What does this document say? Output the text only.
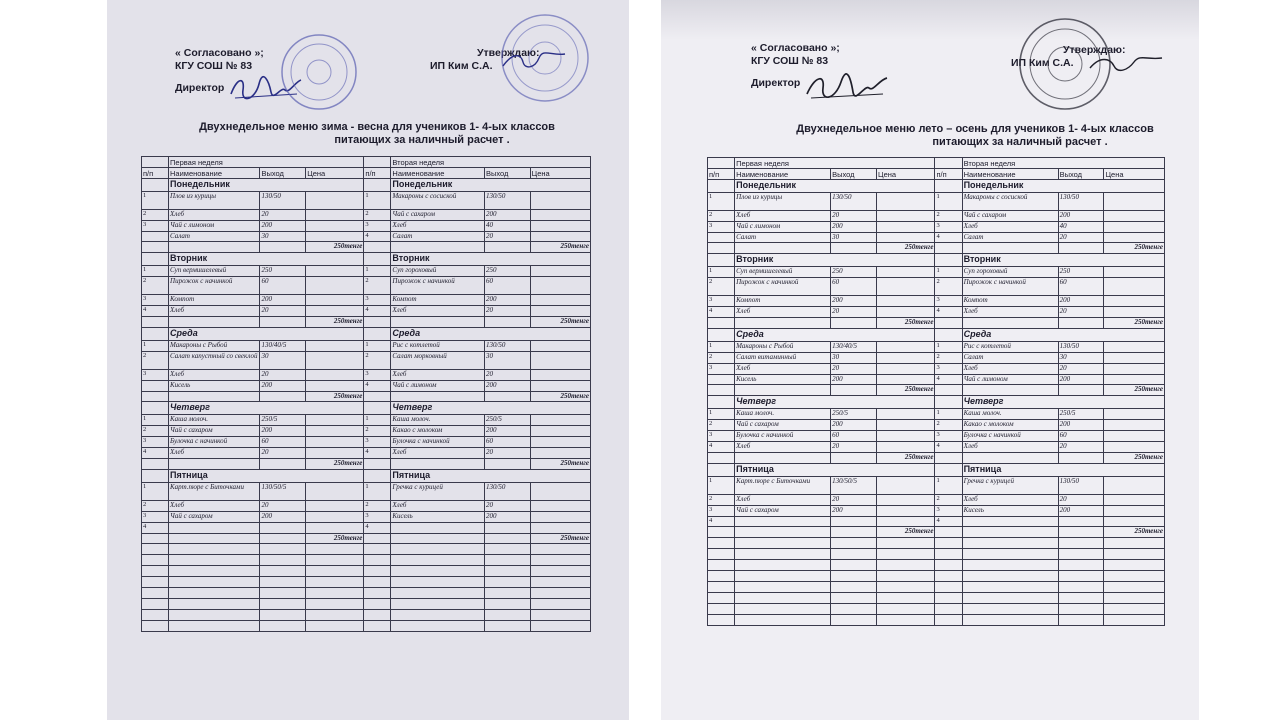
« Согласовано »;
КГУ СОШ № 83
Директор
Утверждаю:
ИП Ким С.А.
Двухнедельное меню зима - весна для учеников 1- 4-ых классов
питающих за наличный расчет .
	Первая неделя				Вторая неделя		
п/п	Наименование	Выход	Цена	п/п	Наименование	Выход	Цена
	Понедельник				Понедельник		
1	Плов из курицы	130/50		1	Макароны с сосиской	130/50	
2	Хлеб	20		2	Чай с сахаром	200	
3	Чай с лимоном	200		3	Хлеб	40	
	Салат	30		4	Салат	20	
			250тенге				250тенге
	Вторник				Вторник		
1	Суп вермишелевый	250		1	Суп гороховый	250	
2	Пирожок с начинкой	60		2	Пирожок с начинкой	60	
3	Компот	200		3	Компот	200	
4	Хлеб	20		4	Хлеб	20	
			250тенге				250тенге
	Среда				Среда		
1	Макароны с Рыбой	130/40/5		1	Рис с котлетой	130/50	
2	Салат капустный со свеклой	30		2	Салат морковный	30	
3	Хлеб	20		3	Хлеб	20	
	Кисель	200		4	Чай с лимоном	200	
			250тенге				250тенге
	Четверг				Четверг		
1	Каша молоч.	250/5		1	Каша молоч.	250/5	
2	Чай с сахаром	200		2	Какао с молоком	200	
3	Булочка с начинкой	60		3	Булочка с начинкой	60	
4	Хлеб	20		4	Хлеб	20	
			250тенге				250тенге
	Пятница				Пятница		
1	Карт.пюре с Биточками	130/50/5		1	Гречка с курицей	130/50	
2	Хлеб	20		2	Хлеб	20	
3	Чай с сахаром	200		3	Кисель	200	
4				4			
			250тенге				250тенге

« Согласовано »;
КГУ СОШ № 83
Директор
Утверждаю:
ИП Ким С.А.
Двухнедельное меню лето – осень для учеников 1- 4-ых классов
питающих за наличный расчет .
	Первая неделя				Вторая неделя		
п/п	Наименование	Выход	Цена	п/п	Наименование	Выход	Цена
	Понедельник				Понедельник		
1	Плов из курицы	130/50		1	Макароны с сосиской	130/50	
2	Хлеб	20		2	Чай с сахаром	200	
3	Чай с лимоном	200		3	Хлеб	40	
	Салат	30		4	Салат	20	
			250тенге				250тенге
	Вторник				Вторник		
1	Суп вермишелевый	250		1	Суп гороховый	250	
2	Пирожок с начинкой	60		2	Пирожок с начинкой	60	
3	Компот	200		3	Компот	200	
4	Хлеб	20		4	Хлеб	20	
			250тенге				250тенге
	Среда				Среда		
1	Макароны с Рыбой	130/40/5		1	Рис с котлетой	130/50	
2	Салат витаминный	30		2	Салат	30	
3	Хлеб	20		3	Хлеб	20	
	Кисель	200		4	Чай с лимоном	200	
			250тенге				250тенге
	Четверг				Четверг		
1	Каша молоч.	250/5		1	Каша молоч.	250/5	
2	Чай с сахаром	200		2	Какао с молоком	200	
3	Булочка с начинкой	60		3	Булочка с начинкой	60	
4	Хлеб	20		4	Хлеб	20	
			250тенге				250тенге
	Пятница				Пятница		
1	Карт.пюре с Биточками	130/50/5		1	Гречка с курицей	130/50	
2	Хлеб	20		2	Хлеб	20	
3	Чай с сахаром	200		3	Кисель	200	
4				4			
			250тенге				250тенге
